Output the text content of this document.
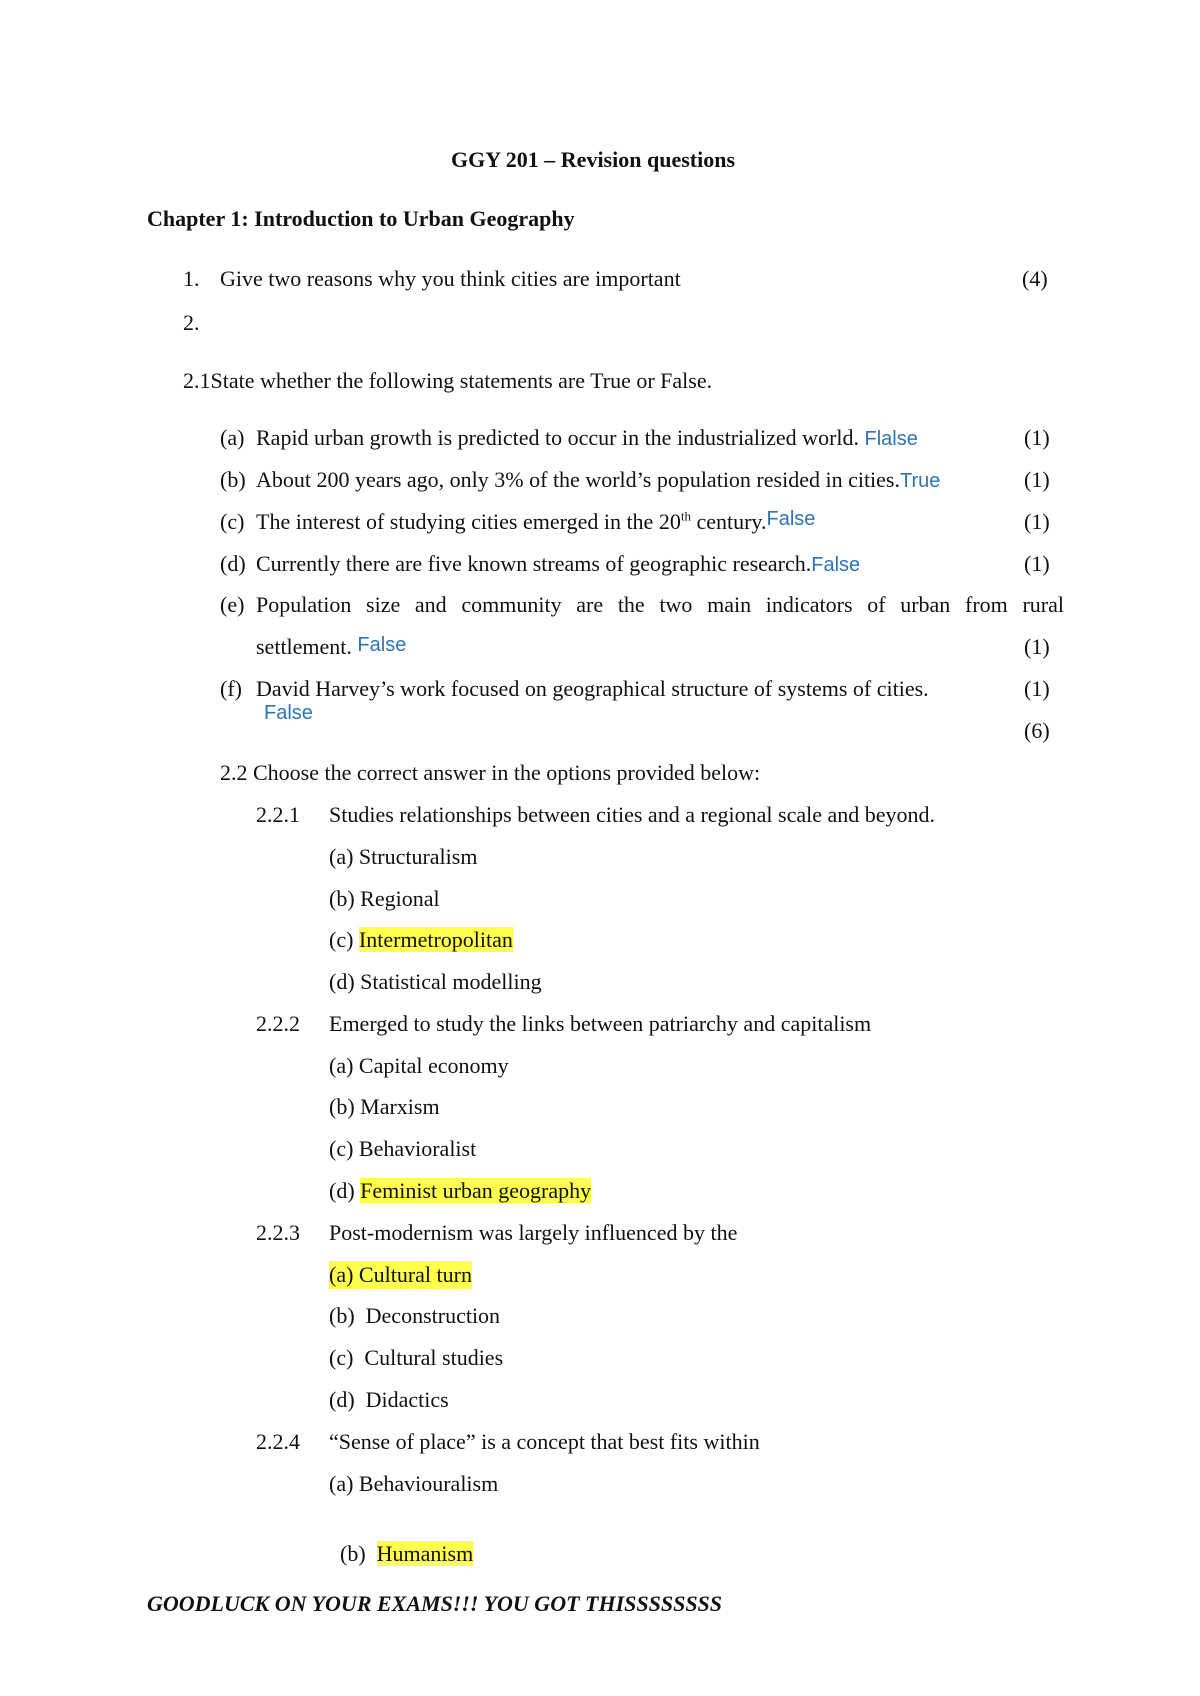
GGY 201 – Revision questions
Chapter 1: Introduction to Urban Geography
1. Give two reasons why you think cities are important	(4)
2.
2.1State whether the following statements are True or False.
(a) Rapid urban growth is predicted to occur in the industrialized world. Flalse	(1)
(b) About 200 years ago, only 3% of the world’s population resided in cities.True	(1)
(c) The interest of studying cities emerged in the 20th century.False	(1)
(d) Currently there are five known streams of geographic research.False	(1)
(e) Population size and community are the two main indicators of urban from rural
settlement. False	(1)
(f) David Harvey’s work focused on geographical structure of systems of cities.	(1)
False
(6)
2.2 Choose the correct answer in the options provided below:
2.2.1 Studies relationships between cities and a regional scale and beyond.
(a) Structuralism
(b) Regional
(c) Intermetropolitan
(d) Statistical modelling
2.2.2 Emerged to study the links between patriarchy and capitalism
(a) Capital economy
(b) Marxism
(c) Behavioralist
(d) Feminist urban geography
2.2.3 Post-modernism was largely influenced by the
(a) Cultural turn
(b)  Deconstruction
(c)  Cultural studies
(d)  Didactics
2.2.4 “Sense of place” is a concept that best fits within
(a) Behaviouralism

(b)  Humanism

GOODLUCK ON YOUR EXAMS!!! YOU GOT THISSSSSSSS
